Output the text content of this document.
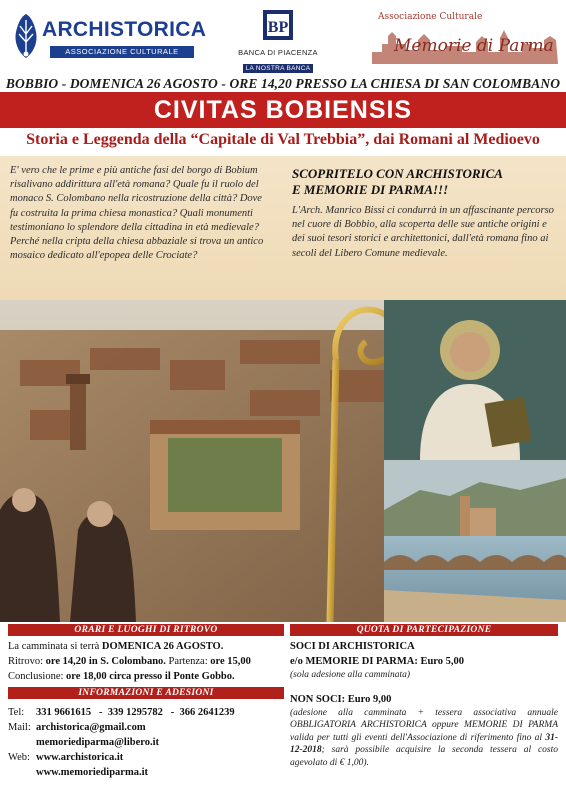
ARCHISTORICA
ASSOCIAZIONE CULTURALE
BP
BANCA DI PIACENZA
LA NOSTRA BANCA
Associazione Culturale
Memorie di Parma
BOBBIO - DOMENICA 26 AGOSTO - ORE 14,20 PRESSO LA CHIESA DI SAN COLOMBANO
CIVITAS BOBIENSIS
Storia e Leggenda della “Capitale di Val Trebbia”, dai Romani al Medioevo
E' vero che le prime e più antiche fasi del borgo di Bobium
risalivano addirittura all'età romana? Quale fu il ruolo del
monaco S. Colombano nella ricostruzione della città? Dove
fu costruita la prima chiesa monastica? Quali monumenti
testimoniano lo splendore della cittadina in età medievale?
Perché nella cripta della chiesa abbaziale si trova un antico
mosaico dedicato all'epopea delle Crociate?
SCOPRITELO CON ARCHISTORICA
E MEMORIE DI PARMA!!!
L'Arch. Manrico Bissi ci condurrà in un affascinante percorso
nel cuore di Bobbio, alla scoperta delle sue antiche origini e
dei suoi tesori storici e architettonici, dall'età romana fino ai
secoli del Libero Comune medievale.
ORARI E LUOGHI DI RITROVO
La camminata si terrà DOMENICA 26 AGOSTO.
Ritrovo: ore 14,20 in S. Colombano. Partenza: ore 15,00
Conclusione: ore 18,00 circa presso il Ponte Gobbo.
INFORMAZIONI E ADESIONI
Tel: 331 9661615   -  339 1295782   -  366 2641239
Mail: archistorica@gmail.com
memoriediparma@libero.it
Web: www.archistorica.it
www.memoriediparma.it
QUOTA DI PARTECIPAZIONE
SOCI DI ARCHISTORICA
e/o MEMORIE DI PARMA: Euro 5,00
(sola adesione alla camminata)
NON SOCI: Euro 9,00
(adesione alla camminata + tessera associativa annuale OBBLIGATORIA ARCHISTORICA oppure MEMORIE DI PARMA valida per tutti gli eventi dell'Associazione di riferimento fino al 31-12-2018; sarà possibile acquisire la seconda tessera al costo agevolato di € 1,00).
